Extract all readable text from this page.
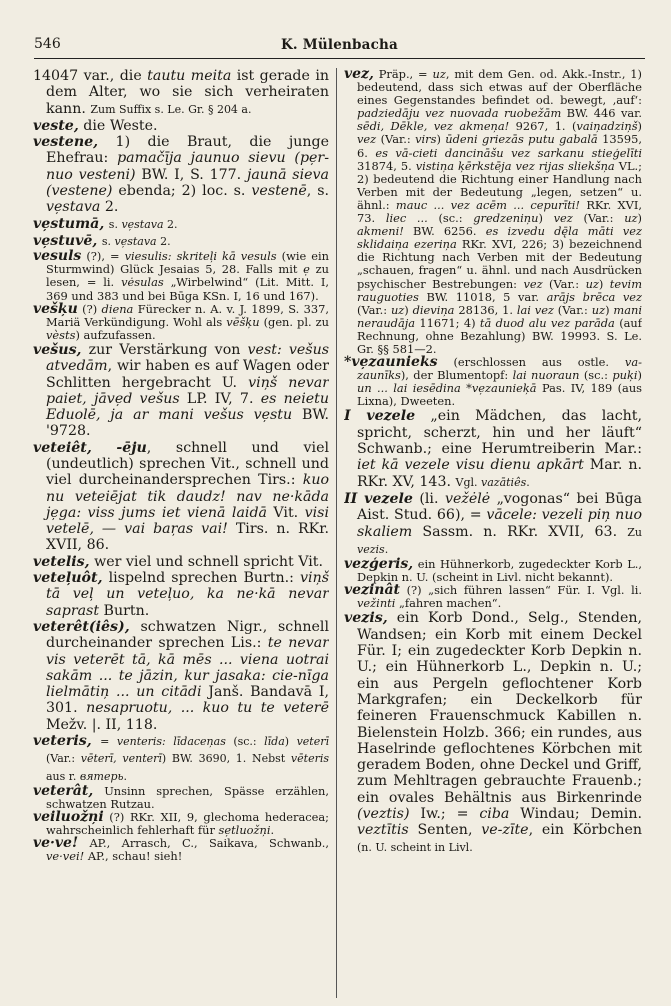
546	K. Mülenbacha

14047 var., die tautu meita ist gerade in dem Alter, wo sie sich verheiraten kann. Zum Suffix s. Le. Gr. § 204 a.

veste, die Weste.

vestene, 1) die Braut, die junge Ehefrau: pamačīja jaunuo sievu (pe̦r-nuo vesteni) BW. I, S. 177. jaunā sieva (vestene) ebenda; 2) loc. s. vestenē, s. ve̦stava 2.

ve̦stumā, s. ve̦stava 2.

ve̦stuvē, s. ve̦stava 2.

vesuls (?), = viesulis: skriteļi kā vesuls (wie ein Sturmwind) Glück Jesaias 5, 28. Falls mit ẹ zu lesen, = li. vėsulas „Wirbelwind“ (Lit. Mitt. I, 369 und 383 und bei Būga KSn. I, 16 und 167).

vešķu (?) diena Fürecker n. A. v. J. 1899, S. 337, Mariä Verkündigung. Wohl als vēšķu (gen. pl. zu vèsts) aufzufassen.

vešus, zur Verstärkung von vest: vešus atvedām, wir haben es auf Wagen oder Schlitten hergebracht U. viņš nevar paiet, jāve̦d vešus LP. IV, 7. es neietu Eduolē, ja ar mani vešus ve̦stu BW. '9728.

veteiêt, -ēju, schnell und viel (undeutlich) sprechen Vit., schnell und viel durcheinandersprechen Tirs.: kuo nu veteiējat tik daudz! nav ne·kāda je̦ga: viss jums iet vienā laidā Vit. visi vetelē, — vai baŗas vai! Tirs. n. RKr. XVII, 86.

vetelis, wer viel und schnell spricht Vit.

veteļuôt, lispelnd sprechen Burtn.: viņš tā veļ un veteļuo, ka ne·kā nevar saprast Burtn.

veterêt(iês), schwatzen Nigr., schnell durcheinander sprechen Lis.: te nevar vis veterēt tā, kā mēs ... viena uotrai sakām ... te jāzin, kur jasaka: cie-nīga lielmātiņ ... un citādi Janš. Bandavā I, 301. nesapruotu, ... kuo tu te veterē Mežv. |. II, 118.

veteris, = venteris: līdaceņas (sc.: līda) veterī (Var.: vēterī, venterī) BW. 3690, 1. Nebst vēteris aus r. вятерь.

veterât, Unsinn sprechen, Spässe erzählen, schwatzen Rutzau.

veiluožņi (?) RKr. XII, 9, glechoma hederacea; wahrscheinlich fehlerhaft für se̦tluožņi.

ve·ve! AP., Arrasch, C., Saikava, Schwanb., ve·vei! AP., schau! sieh!

vez, Präp., = uz, mit dem Gen. od. Akk.-Instr., 1) bedeutend, dass sich etwas auf der Oberfläche eines Gegenstandes befindet od. bewegt, ‚auf‘: padziedāju vez nuovada ruobežām BW. 446 var. sēdi, Dēkle, vez akmeņa! 9267, 1. (vaiņadziņš) vez (Var.: virs) ūdeni griezās putu gabalā 13595, 6. es vā-cieti dancināšu vez sarkanu stieģelīti 31874, 5. vistiņa ķērkstēja vez rijas sliekšņa VL.; 2) bedeutend die Richtung einer Handlung nach Verben mit der Bedeutung „legen, setzen“ u. ähnl.: mauc ... vez acēm ... cepurīti! RKr. XVI, 73. liec ... (sc.: gredzeniņu) vez (Var.: uz) akmeni! BW. 6256. es izvedu dę̄la māti vez sklidaiņa ezeriņa RKr. XVI, 226; 3) bezeichnend die Richtung nach Verben mit der Bedeutung „schauen, fragen“ u. ähnl. und nach Ausdrücken psychischer Bestrebungen: vez (Var.: uz) tevim rauguoties BW. 11018, 5 var. arājs brēca vez (Var.: uz) dieviņa 28136, 1. lai vez (Var.: uz) mani neraudāja 11671; 4) tā duod alu vez parāda (auf Rechnung, ohne Bezahlung) BW. 19993. S. Le. Gr. §§ 581—2.

*ve̦zaunieks (erschlossen aus ostle. va-zaunīks), der Blumentopf: lai nuoraun (sc.: puķi) un ... lai iesēdina *ve̦zaunieķā Pas. IV, 189 (aus Lixna), Dweeten.

I vezele „ein Mädchen, das lacht, spricht, scherzt, hin und her läuft“ Schwanb.; eine Herumtreiberin Mar.: iet kā vezele visu dienu apkārt Mar. n. RKr. XV, 143. Vgl. vazātiês.

II vezele (li. vežėlė „vogonas“ bei Būga Aist. Stud. 66), = vācele: vezeli piņ nuo skaliem Sassm. n. RKr. XVII, 63. Zu vezis.

vezģeris, ein Hühnerkorb, zugedeckter Korb L., Depkin n. U. (scheint in Livl. nicht bekannt).

vezinât (?) „sich führen lassen“ Für. I. Vgl. li. vežinti „fahren machen“.

vezis, ein Korb Dond., Selg., Stenden, Wandsen; ein Korb mit einem Deckel Für. I; ein zugedeckter Korb Depkin n. U.; ein Hühnerkorb L., Depkin n. U.; ein aus Pergeln geflochtener Korb Markgrafen; ein Deckelkorb für feineren Frauenschmuck Kabillen n. Bielenstein Holzb. 366; ein rundes, aus Haselrinde geflochtenes Körbchen mit geradem Boden, ohne Deckel und Griff, zum Mehltragen gebrauchte Frauenb.; ein ovales Behältnis aus Birkenrinde (veztis) Iw.; = ciba Windau; Demin. veztītis Senten, ve-zīte, ein Körbchen (n. U. scheint in Livl.
